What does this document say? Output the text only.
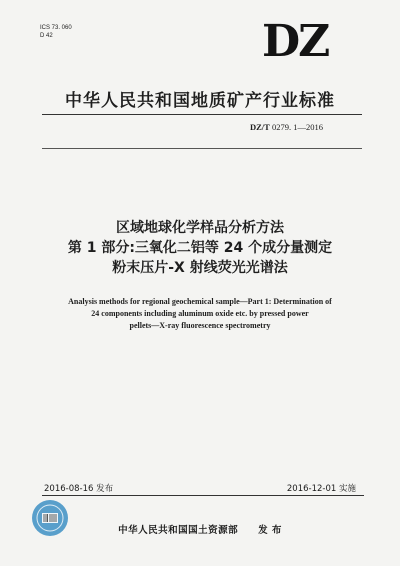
ICS 73. 060
D 42	DZ
中华人民共和国地质矿产行业标准
DZ/T 0279. 1—2016
区域地球化学样品分析方法
第 1 部分:三氧化二铝等 24 个成分量测定
粉末压片-X 射线荧光光谱法
Analysis methods for regional geochemical sample—Part 1: Determination of
24 components including aluminum oxide etc. by pressed power
pellets—X-ray fluorescence spectrometry
2016-08-16 发布	2016-12-01 实施
中华人民共和国国土资源部 发 布
